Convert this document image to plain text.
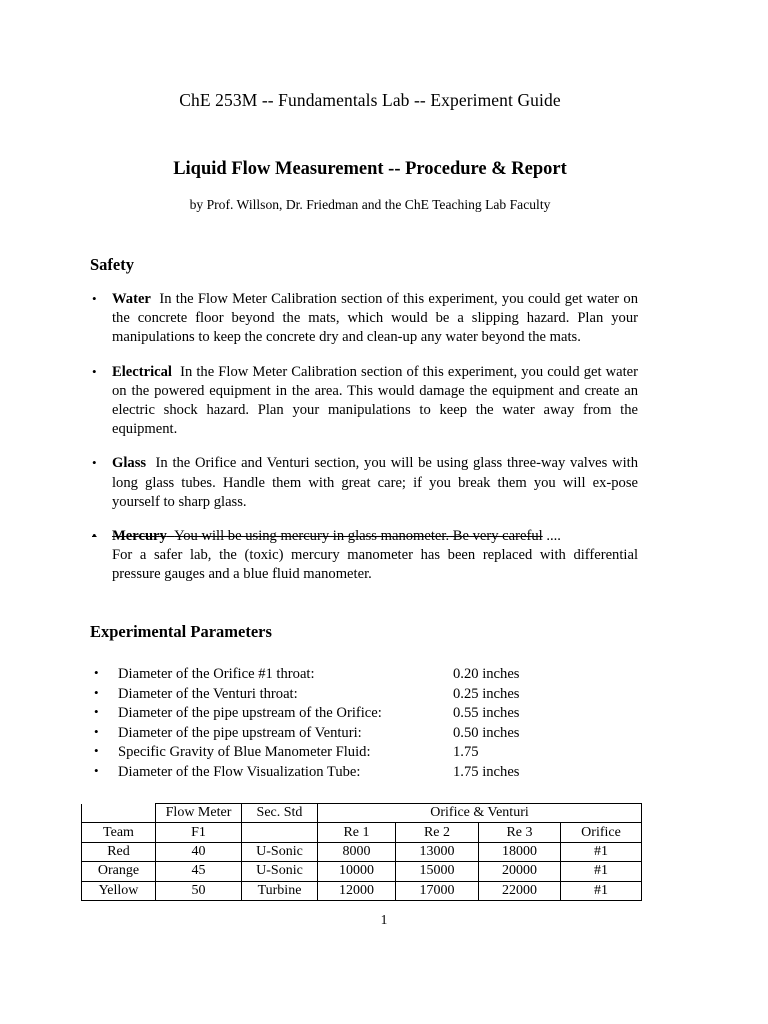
ChE 253M -- Fundamentals Lab -- Experiment Guide
Liquid Flow Measurement -- Procedure & Report
by Prof. Willson, Dr. Friedman and the ChE Teaching Lab Faculty
Safety
• Water In the Flow Meter Calibration section of this experiment, you could get water on the concrete floor beyond the mats, which would be a slipping hazard. Plan your manipulations to keep the concrete dry and clean-up any water beyond the mats.
• Electrical In the Flow Meter Calibration section of this experiment, you could get water on the powered equipment in the area. This would damage the equipment and create an electric shock hazard. Plan your manipulations to keep the water away from the equipment.
• Glass In the Orifice and Venturi section, you will be using glass three-way valves with long glass tubes. Handle them with great care; if you break them you will ex-pose yourself to sharp glass.
• Mercury You will be using mercury in glass manometer. Be very careful ....
For a safer lab, the (toxic) mercury manometer has been replaced with differential pressure gauges and a blue fluid manometer.
Experimental Parameters
• Diameter of the Orifice #1 throat:	0.20 inches
• Diameter of the Venturi throat:	0.25 inches
• Diameter of the pipe upstream of the Orifice:	0.55 inches
• Diameter of the pipe upstream of Venturi:	0.50 inches
• Specific Gravity of Blue Manometer Fluid:	1.75
• Diameter of the Flow Visualization Tube:	1.75 inches
	Flow Meter	Sec. Std	Orifice & Venturi			
Team	F1		Re 1	Re 2	Re 3	Orifice
Red	40	U-Sonic	8000	13000	18000	#1
Orange	45	U-Sonic	10000	15000	20000	#1
Yellow	50	Turbine	12000	17000	22000	#1
1
